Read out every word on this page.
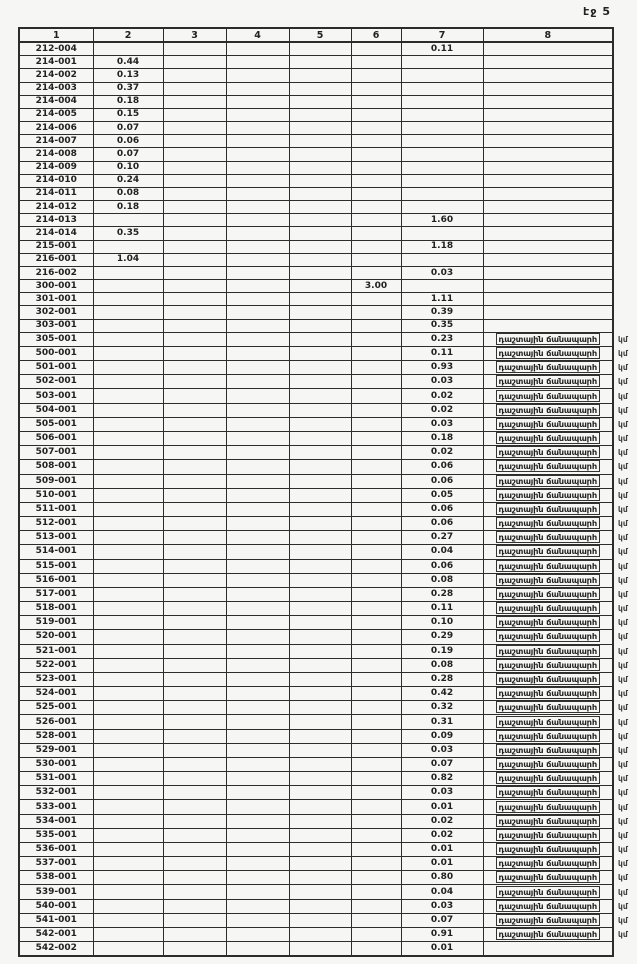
էջ 5
1	2	3	4	5	6	7	8	
212-004						0.11		
214-001	0.44							
214-002	0.13							
214-003	0.37							
214-004	0.18							
214-005	0.15							
214-006	0.07							
214-007	0.06							
214-008	0.07							
214-009	0.10							
214-010	0.24							
214-011	0.08							
214-012	0.18							
214-013						1.60		
214-014	0.35							
215-001						1.18		
216-001	1.04							
216-002						0.03		
300-001					3.00			
301-001						1.11		
302-001						0.39		
303-001						0.35		
305-001						0.23	դաշտային ճանապարհ	կմ
500-001						0.11	դաշտային ճանապարհ	կմ
501-001						0.93	դաշտային ճանապարհ	կմ
502-001						0.03	դաշտային ճանապարհ	կմ
503-001						0.02	դաշտային ճանապարհ	կմ
504-001						0.02	դաշտային ճանապարհ	կմ
505-001						0.03	դաշտային ճանապարհ	կմ
506-001						0.18	դաշտային ճանապարհ	կմ
507-001						0.02	դաշտային ճանապարհ	կմ
508-001						0.06	դաշտային ճանապարհ	կմ
509-001						0.06	դաշտային ճանապարհ	կմ
510-001						0.05	դաշտային ճանապարհ	կմ
511-001						0.06	դաշտային ճանապարհ	կմ
512-001						0.06	դաշտային ճանապարհ	կմ
513-001						0.27	դաշտային ճանապարհ	կմ
514-001						0.04	դաշտային ճանապարհ	կմ
515-001						0.06	դաշտային ճանապարհ	կմ
516-001						0.08	դաշտային ճանապարհ	կմ
517-001						0.28	դաշտային ճանապարհ	կմ
518-001						0.11	դաշտային ճանապարհ	կմ
519-001						0.10	դաշտային ճանապարհ	կմ
520-001						0.29	դաշտային ճանապարհ	կմ
521-001						0.19	դաշտային ճանապարհ	կմ
522-001						0.08	դաշտային ճանապարհ	կմ
523-001						0.28	դաշտային ճանապարհ	կմ
524-001						0.42	դաշտային ճանապարհ	կմ
525-001						0.32	դաշտային ճանապարհ	կմ
526-001						0.31	դաշտային ճանապարհ	կմ
528-001						0.09	դաշտային ճանապարհ	կմ
529-001						0.03	դաշտային ճանապարհ	կմ
530-001						0.07	դաշտային ճանապարհ	կմ
531-001						0.82	դաշտային ճանապարհ	կմ
532-001						0.03	դաշտային ճանապարհ	կմ
533-001						0.01	դաշտային ճանապարհ	կմ
534-001						0.02	դաշտային ճանապարհ	կմ
535-001						0.02	դաշտային ճանապարհ	կմ
536-001						0.01	դաշտային ճանապարհ	կմ
537-001						0.01	դաշտային ճանապարհ	կմ
538-001						0.80	դաշտային ճանապարհ	կմ
539-001						0.04	դաշտային ճանապարհ	կմ
540-001						0.03	դաշտային ճանապարհ	կմ
541-001						0.07	դաշտային ճանապարհ	կմ
542-001						0.91	դաշտային ճանապարհ	կմ
542-002						0.01		
